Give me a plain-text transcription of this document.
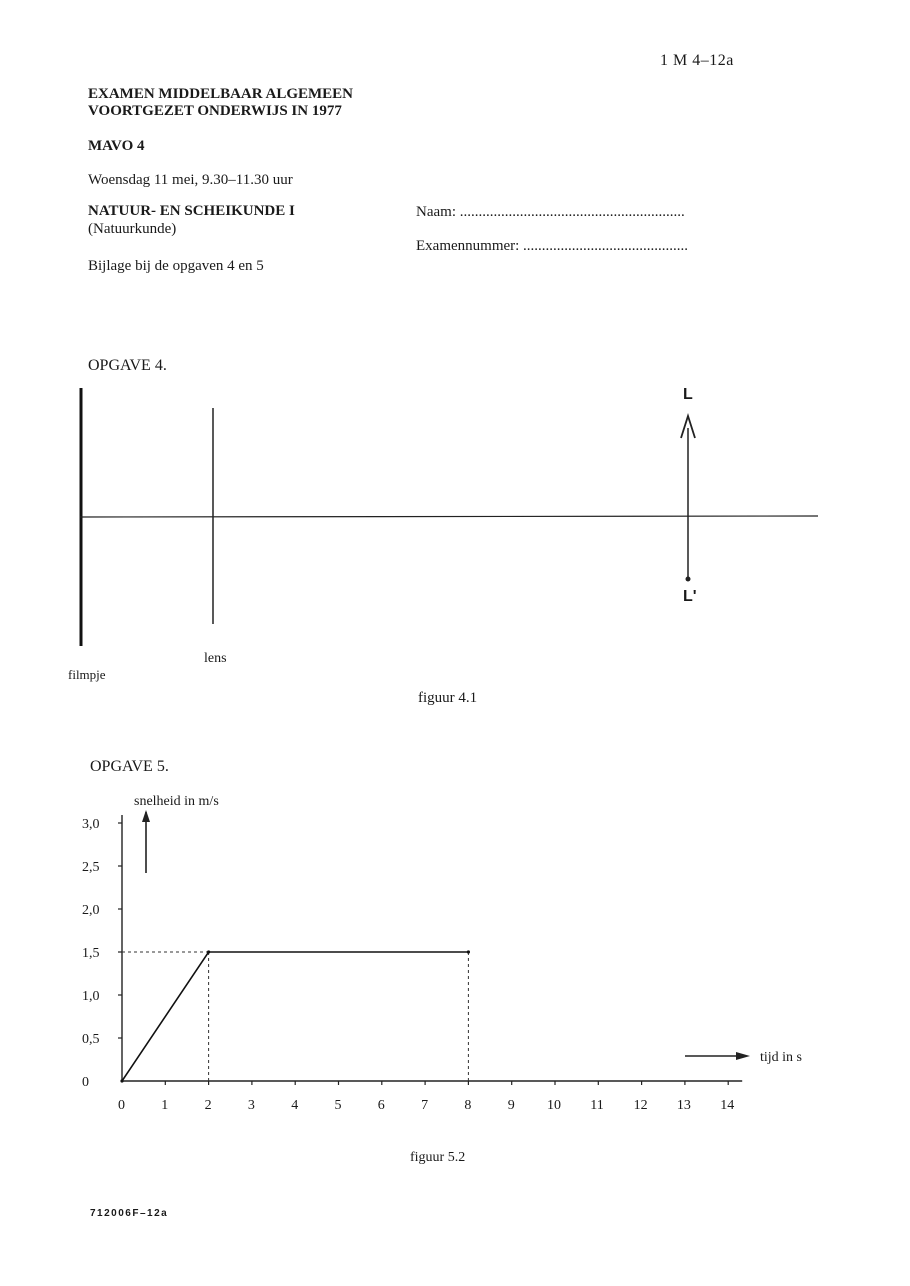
1 M 4–12a
EXAMEN MIDDELBAAR ALGEMEEN
VOORTGEZET ONDERWIJS IN 1977
MAVO 4
Woensdag 11 mei, 9.30–11.30 uur
NATUUR- EN SCHEIKUNDE I
(Natuurkunde)
Bijlage bij de opgaven 4 en 5
Naam: ............................................................
Examennummer: ............................................
OPGAVE 4.
L
L'
filmpje
lens
figuur 4.1
OPGAVE 5.
0
0,5
1,0
1,5
2,0
2,5
3,0
0	1	2	3	4	5	6	7	8	9 10 11 12 13 14
snelheid in m/s
tijd in s
figuur 5.2
712006F–12a
